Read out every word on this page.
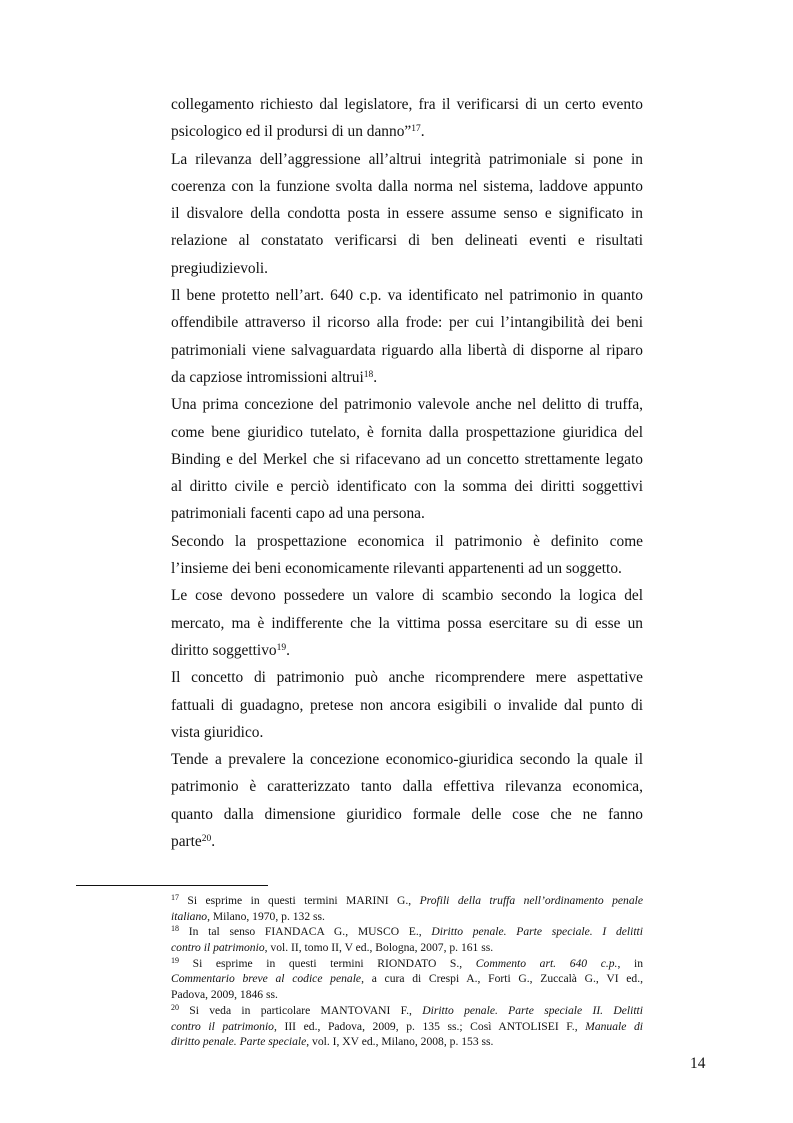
collegamento richiesto dal legislatore, fra il verificarsi di un certo evento
psicologico ed il prodursi di un danno”$^{17}$.
La rilevanza dell’aggressione all’altrui integrità patrimoniale si pone in
coerenza con la funzione svolta dalla norma nel sistema, laddove appunto
il disvalore della condotta posta in essere assume senso e significato in
relazione al constatato verificarsi di ben delineati eventi e risultati
pregiudizievoli.
Il bene protetto nell’art. 640 c.p. va identificato nel patrimonio in quanto
offendibile attraverso il ricorso alla frode: per cui l’intangibilità dei beni
patrimoniali viene salvaguardata riguardo alla libertà di disporne al riparo
da capziose intromissioni altrui$^{18}$.
Una prima concezione del patrimonio valevole anche nel delitto di truffa,
come bene giuridico tutelato, è fornita dalla prospettazione giuridica del
Binding e del Merkel che si rifacevano ad un concetto strettamente legato
al diritto civile e perciò identificato con la somma dei diritti soggettivi
patrimoniali facenti capo ad una persona.
Secondo la prospettazione economica il patrimonio è definito come
l’insieme dei beni economicamente rilevanti appartenenti ad un soggetto.
Le cose devono possedere un valore di scambio secondo la logica del
mercato, ma è indifferente che la vittima possa esercitare su di esse un
diritto soggettivo$^{19}$.
Il concetto di patrimonio può anche ricomprendere mere aspettative
fattuali di guadagno, pretese non ancora esigibili o invalide dal punto di
vista giuridico.
Tende a prevalere la concezione economico-giuridica secondo la quale il
patrimonio è caratterizzato tanto dalla effettiva rilevanza economica,
quanto dalla dimensione giuridico formale delle cose che ne fanno
parte$^{20}$.
$^{17}$ Si esprime in questi termini MARINI G., Profili della truffa nell’ordinamento penale
italiano, Milano, 1970, p. 132 ss.
$^{18}$ In tal senso FIANDACA G., MUSCO E., Diritto penale. Parte speciale. I delitti
contro il patrimonio, vol. II, tomo II, V ed., Bologna, 2007, p. 161 ss.
$^{19}$ Si esprime in questi termini RIONDATO S., Commento art. 640 c.p., in
Commentario breve al codice penale, a cura di Crespi A., Forti G., Zuccalà G., VI ed.,
Padova, 2009, 1846 ss.
$^{20}$ Si veda in particolare MANTOVANI F., Diritto penale. Parte speciale II. Delitti
contro il patrimonio, III ed., Padova, 2009, p. 135 ss.; Così ANTOLISEI F., Manuale di
diritto penale. Parte speciale, vol. I, XV ed., Milano, 2008, p. 153 ss.
14
